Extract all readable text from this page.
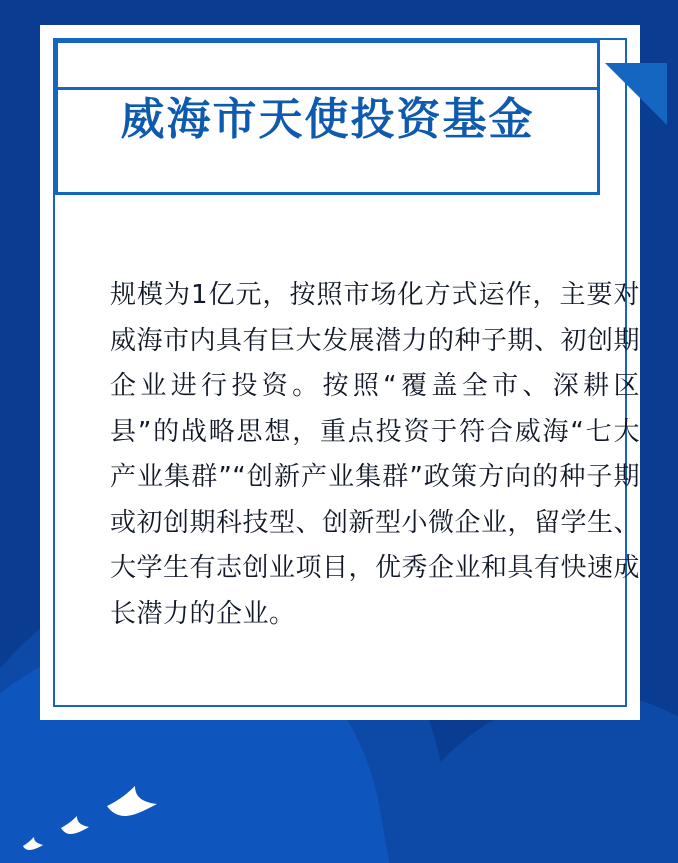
威海市天使投资基金
规模为1亿元，按照市场化方式运作，主要对威海市内具有巨大发展潜力的种子期、初创期企业进行投资。按照“覆盖全市、深耕区县”的战略思想，重点投资于符合威海“七大产业集群”“创新产业集群”政策方向的种子期或初创期科技型、创新型小微企业，留学生、大学生有志创业项目，优秀企业和具有快速成长潜力的企业。
